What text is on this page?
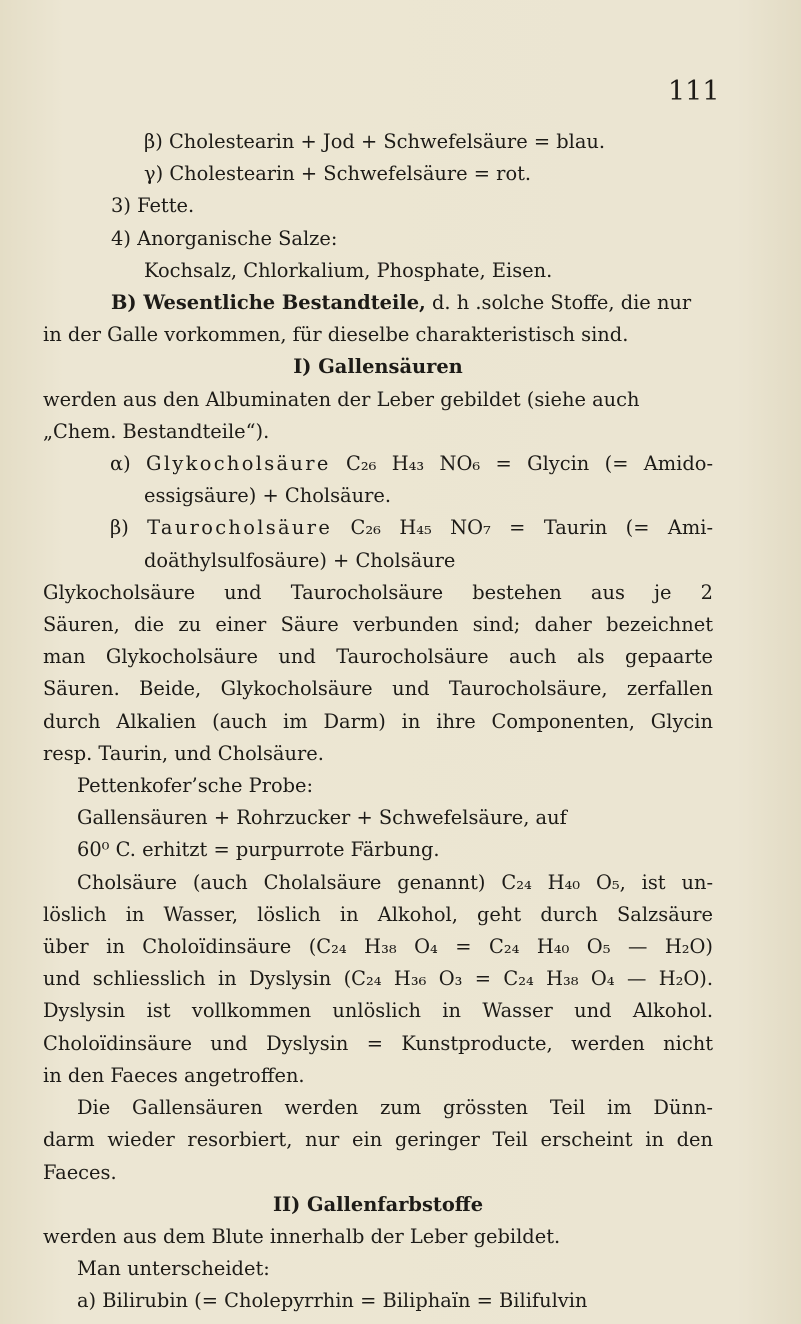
111
β) Cholestearin + Jod + Schwefelsäure = blau.
γ) Cholestearin + Schwefelsäure = rot.
3) Fette.
4) Anorganische Salze:
Kochsalz, Chlorkalium, Phosphate, Eisen.
B) Wesentliche Bestandteile, d. h .solche Stoffe, die nur
in der Galle vorkommen, für dieselbe charakteristisch sind.
I) Gallensäuren
werden aus den Albuminaten der Leber gebildet (siehe auch
„Chem. Bestandteile“).
α) Glykocholsäure C₂₆ H₄₃ NO₆ = Glycin (= Amido-essigsäure) + Cholsäure.
β) Taurocholsäure C₂₆ H₄₅ NO₇ = Taurin (= Ami-doäthylsulfosäure) + Cholsäure
Glykocholsäure und Taurocholsäure bestehen aus je 2
Säuren, die zu einer Säure verbunden sind; daher bezeichnet
man Glykocholsäure und Taurocholsäure auch als gepaarte
Säuren. Beide, Glykocholsäure und Taurocholsäure, zerfallen
durch Alkalien (auch im Darm) in ihre Componenten, Glycin
resp. Taurin, und Cholsäure.
Pettenkofer’sche Probe:
Gallensäuren + Rohrzucker + Schwefelsäure, auf
60⁰ C. erhitzt = purpurrote Färbung.
Cholsäure (auch Cholalsäure genannt) C₂₄ H₄₀ O₅, ist un-
löslich in Wasser, löslich in Alkohol, geht durch Salzsäure
über in Choloïdinsäure (C₂₄ H₃₈ O₄ = C₂₄ H₄₀ O₅ — H₂O)
und schliesslich in Dyslysin (C₂₄ H₃₆ O₃ = C₂₄ H₃₈ O₄ — H₂O).
Dyslysin ist vollkommen unlöslich in Wasser und Alkohol.
Choloïdinsäure und Dyslysin = Kunstproducte, werden nicht
in den Faeces angetroffen.
Die Gallensäuren werden zum grössten Teil im Dünn-
darm wieder resorbiert, nur ein geringer Teil erscheint in den
Faeces.
II) Gallenfarbstoffe
werden aus dem Blute innerhalb der Leber gebildet.
Man unterscheidet:
a) Bilirubin (= Cholepyrrhin = Biliphaïn = Bilifulvin
